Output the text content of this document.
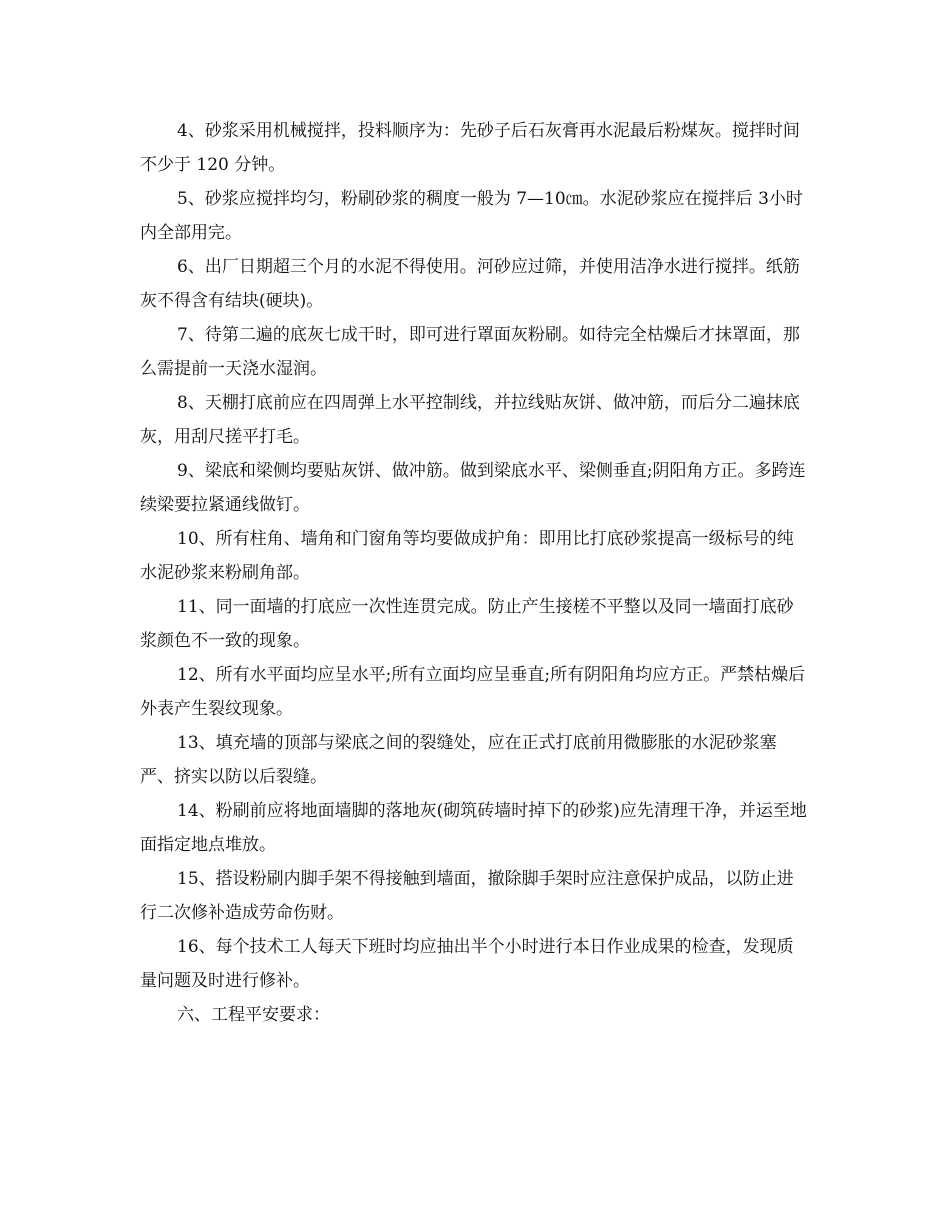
4、砂浆采用机械搅拌，投料顺序为：先砂子后石灰膏再水泥最后粉煤灰。搅拌时间不少于 120 分钟。
5、砂浆应搅拌均匀，粉刷砂浆的稠度一般为 7—10㎝。水泥砂浆应在搅拌后 3小时内全部用完。
6、出厂日期超三个月的水泥不得使用。河砂应过筛，并使用洁净水进行搅拌。纸筋灰不得含有结块(硬块)。
7、待第二遍的底灰七成干时，即可进行罩面灰粉刷。如待完全枯燥后才抹罩面，那么需提前一天浇水湿润。
8、天棚打底前应在四周弹上水平控制线，并拉线贴灰饼、做冲筋，而后分二遍抹底灰，用刮尺搓平打毛。
9、梁底和梁侧均要贴灰饼、做冲筋。做到梁底水平、梁侧垂直;阴阳角方正。多跨连续梁要拉紧通线做钉。
10、所有柱角、墙角和门窗角等均要做成护角：即用比打底砂浆提高一级标号的纯水泥砂浆来粉刷角部。
11、同一面墙的打底应一次性连贯完成。防止产生接槎不平整以及同一墙面打底砂浆颜色不一致的现象。
12、所有水平面均应呈水平;所有立面均应呈垂直;所有阴阳角均应方正。严禁枯燥后外表产生裂纹现象。
13、填充墙的顶部与梁底之间的裂缝处，应在正式打底前用微膨胀的水泥砂浆塞严、挤实以防以后裂缝。
14、粉刷前应将地面墙脚的落地灰(砌筑砖墙时掉下的砂浆)应先清理干净，并运至地面指定地点堆放。
15、搭设粉刷内脚手架不得接触到墙面，撤除脚手架时应注意保护成品，以防止进行二次修补造成劳命伤财。
16、每个技术工人每天下班时均应抽出半个小时进行本日作业成果的检查，发现质量问题及时进行修补。
六、工程平安要求：
